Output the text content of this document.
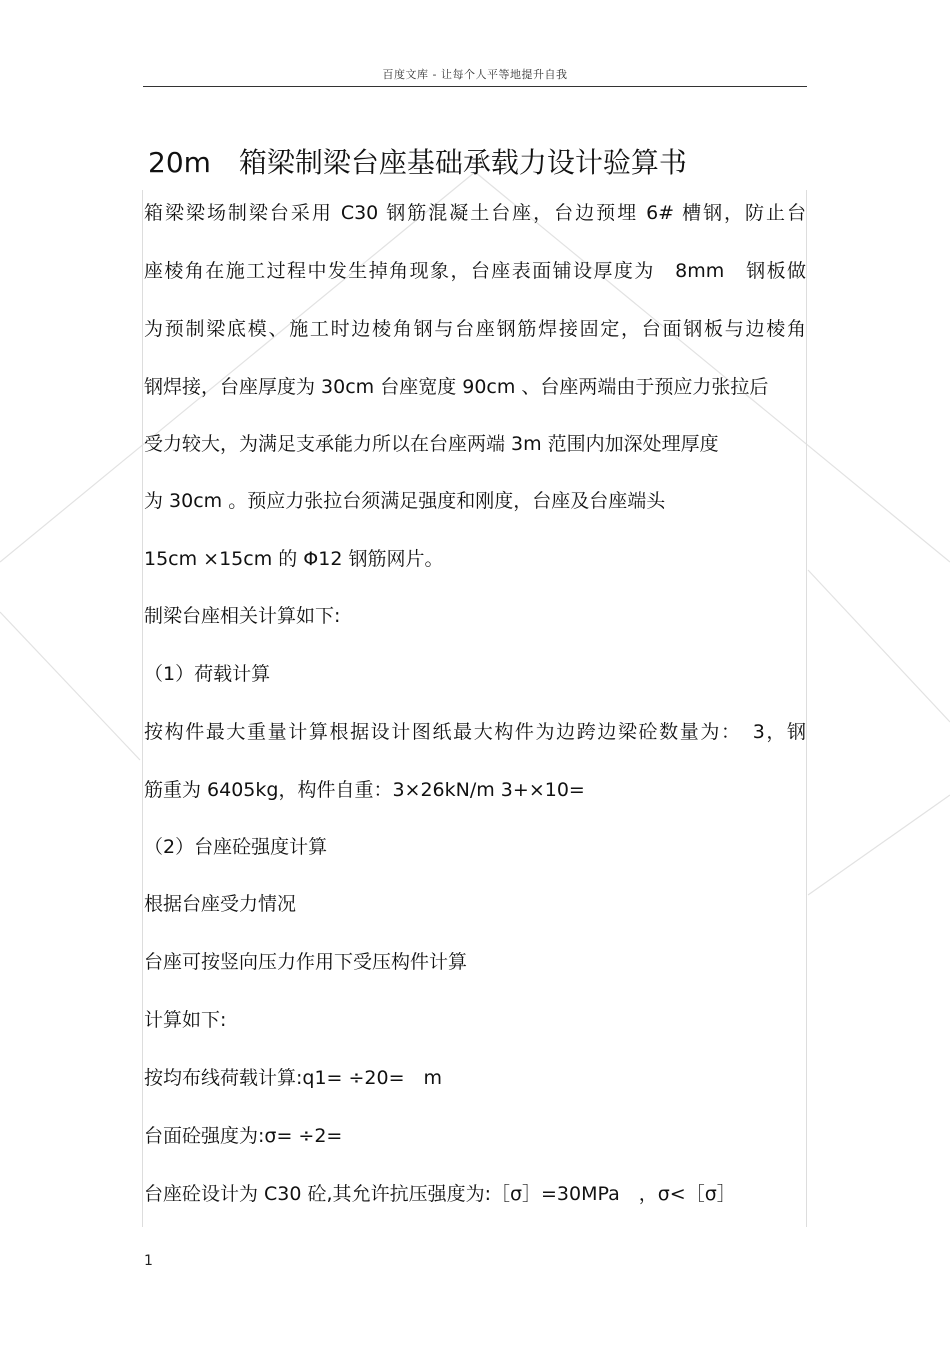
百度文库 - 让每个人平等地提升自我
20m　箱梁制梁台座基础承载力设计验算书
箱梁梁场制梁台采用 C30 钢筋混凝土台座，台边预埋 6# 槽钢，防止台
座棱角在施工过程中发生掉角现象，台座表面铺设厚度为　8mm　钢板做
为预制梁底模、施工时边棱角钢与台座钢筋焊接固定，台面钢板与边棱角
钢焊接，台座厚度为 30cm 台座宽度 90cm 、台座两端由于预应力张拉后
受力较大，为满足支承能力所以在台座两端 3m 范围内加深处理厚度
为 30cm 。预应力张拉台须满足强度和刚度，台座及台座端头
15cm ×15cm 的 Φ12 钢筋网片。
制梁台座相关计算如下:
（1）荷载计算
按构件最大重量计算根据设计图纸最大构件为边跨边梁砼数量为：　3，钢
筋重为 6405kg，构件自重：3×26kN/m 3+×10=
（2）台座砼强度计算
根据台座受力情况
台座可按竖向压力作用下受压构件计算
计算如下:
按均布线荷载计算:q1= ÷20=　m
台面砼强度为:σ= ÷2=
台座砼设计为 C30 砼,其允许抗压强度为:［σ］=30MPa　，σ<［σ］
1
